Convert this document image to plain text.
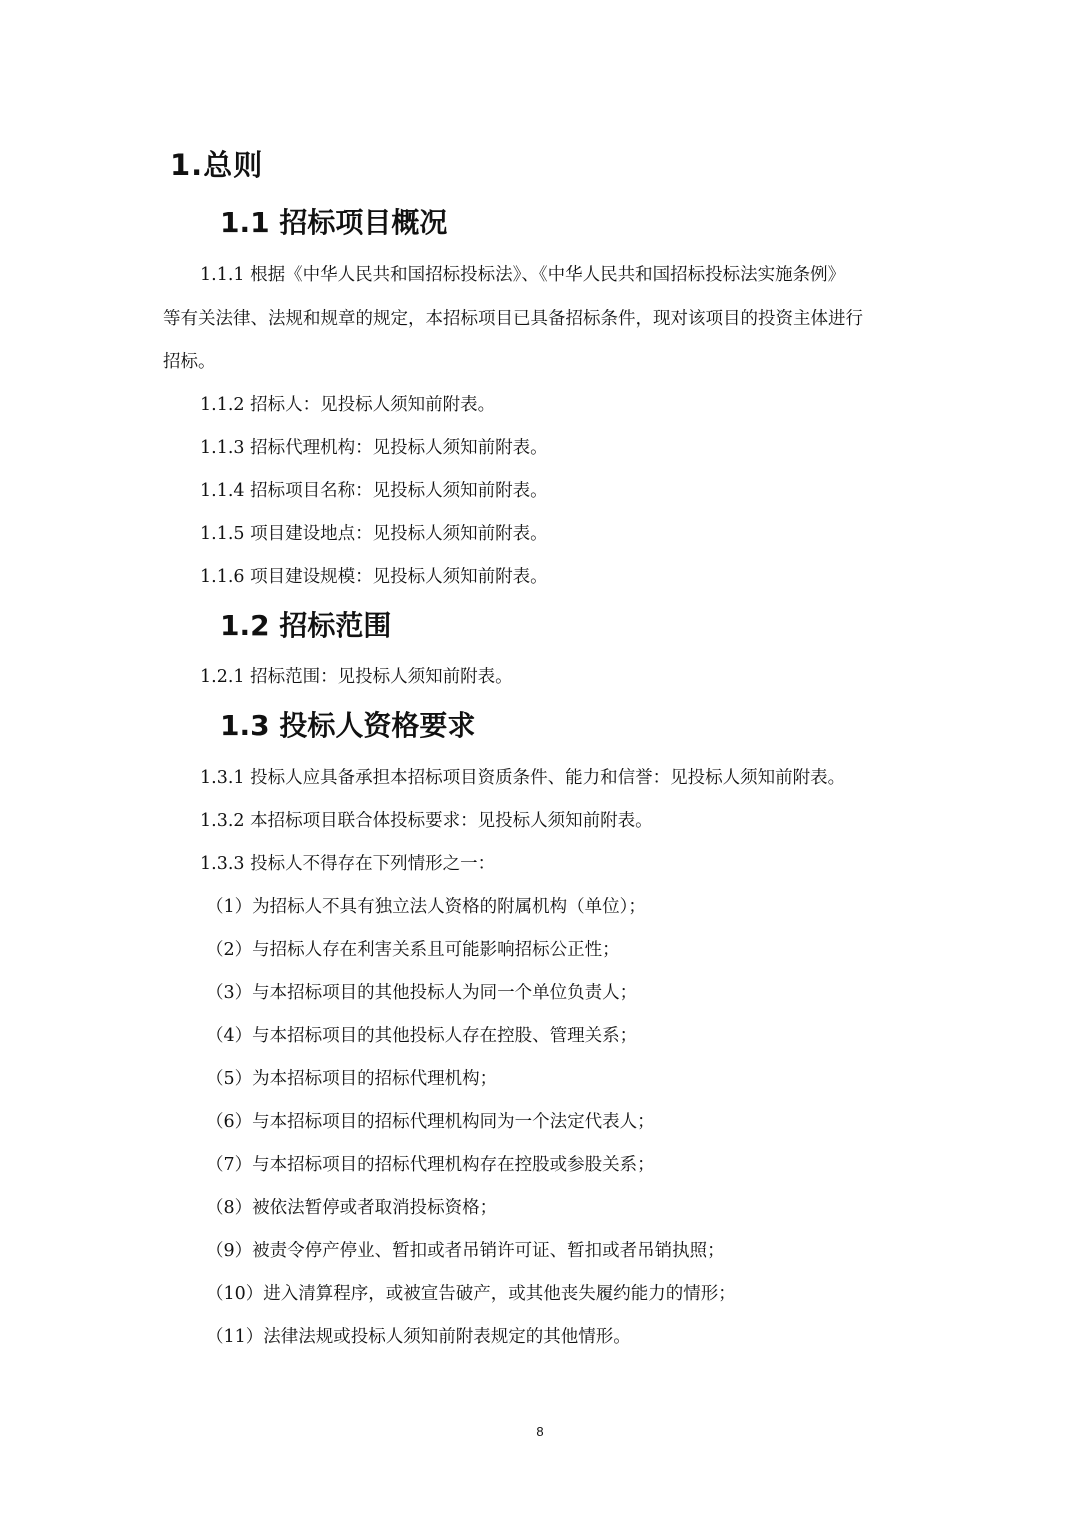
1.总则
1.1 招标项目概况
1.1.1 根据《中华人民共和国招标投标法》、《中华人民共和国招标投标法实施条例》
等有关法律、法规和规章的规定，本招标项目已具备招标条件，现对该项目的投资主体进行
招标。
1.1.2 招标人：见投标人须知前附表。
1.1.3 招标代理机构：见投标人须知前附表。
1.1.4 招标项目名称：见投标人须知前附表。
1.1.5 项目建设地点：见投标人须知前附表。
1.1.6 项目建设规模：见投标人须知前附表。
1.2 招标范围
1.2.1 招标范围：见投标人须知前附表。
1.3 投标人资格要求
1.3.1 投标人应具备承担本招标项目资质条件、能力和信誉：见投标人须知前附表。
1.3.2 本招标项目联合体投标要求：见投标人须知前附表。
1.3.3 投标人不得存在下列情形之一：
（1）为招标人不具有独立法人资格的附属机构（单位）；
（2）与招标人存在利害关系且可能影响招标公正性；
（3）与本招标项目的其他投标人为同一个单位负责人；
（4）与本招标项目的其他投标人存在控股、管理关系；
（5）为本招标项目的招标代理机构；
（6）与本招标项目的招标代理机构同为一个法定代表人；
（7）与本招标项目的招标代理机构存在控股或参股关系；
（8）被依法暂停或者取消投标资格；
（9）被责令停产停业、暂扣或者吊销许可证、暂扣或者吊销执照；
（10）进入清算程序，或被宣告破产，或其他丧失履约能力的情形；
（11）法律法规或投标人须知前附表规定的其他情形。
8
